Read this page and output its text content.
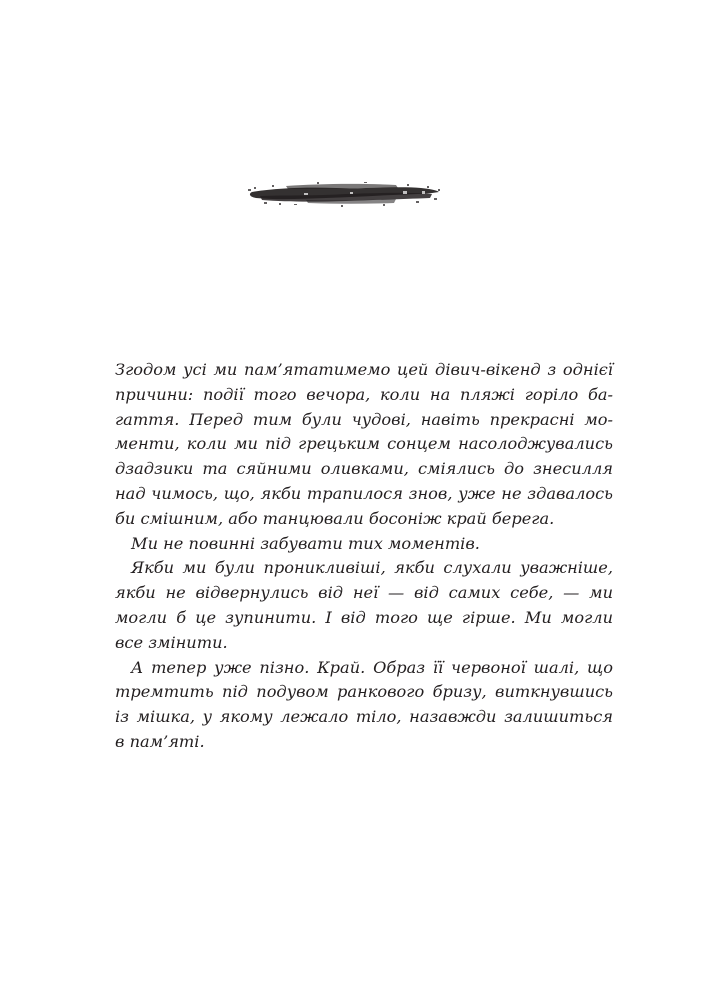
Згодом усі ми пам’ятатимемо цей дівич-вікенд з однієї
причини: події того вечора, коли на пляжі горіло ба-
гаття. Перед тим були чудові, навіть прекрасні мо-
менти, коли ми під грецьким сонцем насолоджувались
дзадзики та сяйними оливками, сміялись до знесилля
над чимось, що, якби трапилося знов, уже не здавалось
би смішним, або танцювали босоніж край берега.
Ми не повинні забувати тих моментів.
Якби ми були проникливіші, якби слухали уважніше,
якби не відвернулись від неї — від самих себе, — ми
могли б це зупинити. І від того ще гірше. Ми могли
все змінити.
А тепер уже пізно. Край. Образ її червоної шалі, що
тремтить під подувом ранкового бризу, виткнувшись
із мішка, у якому лежало тіло, назавжди залишиться
в пам’яті.
